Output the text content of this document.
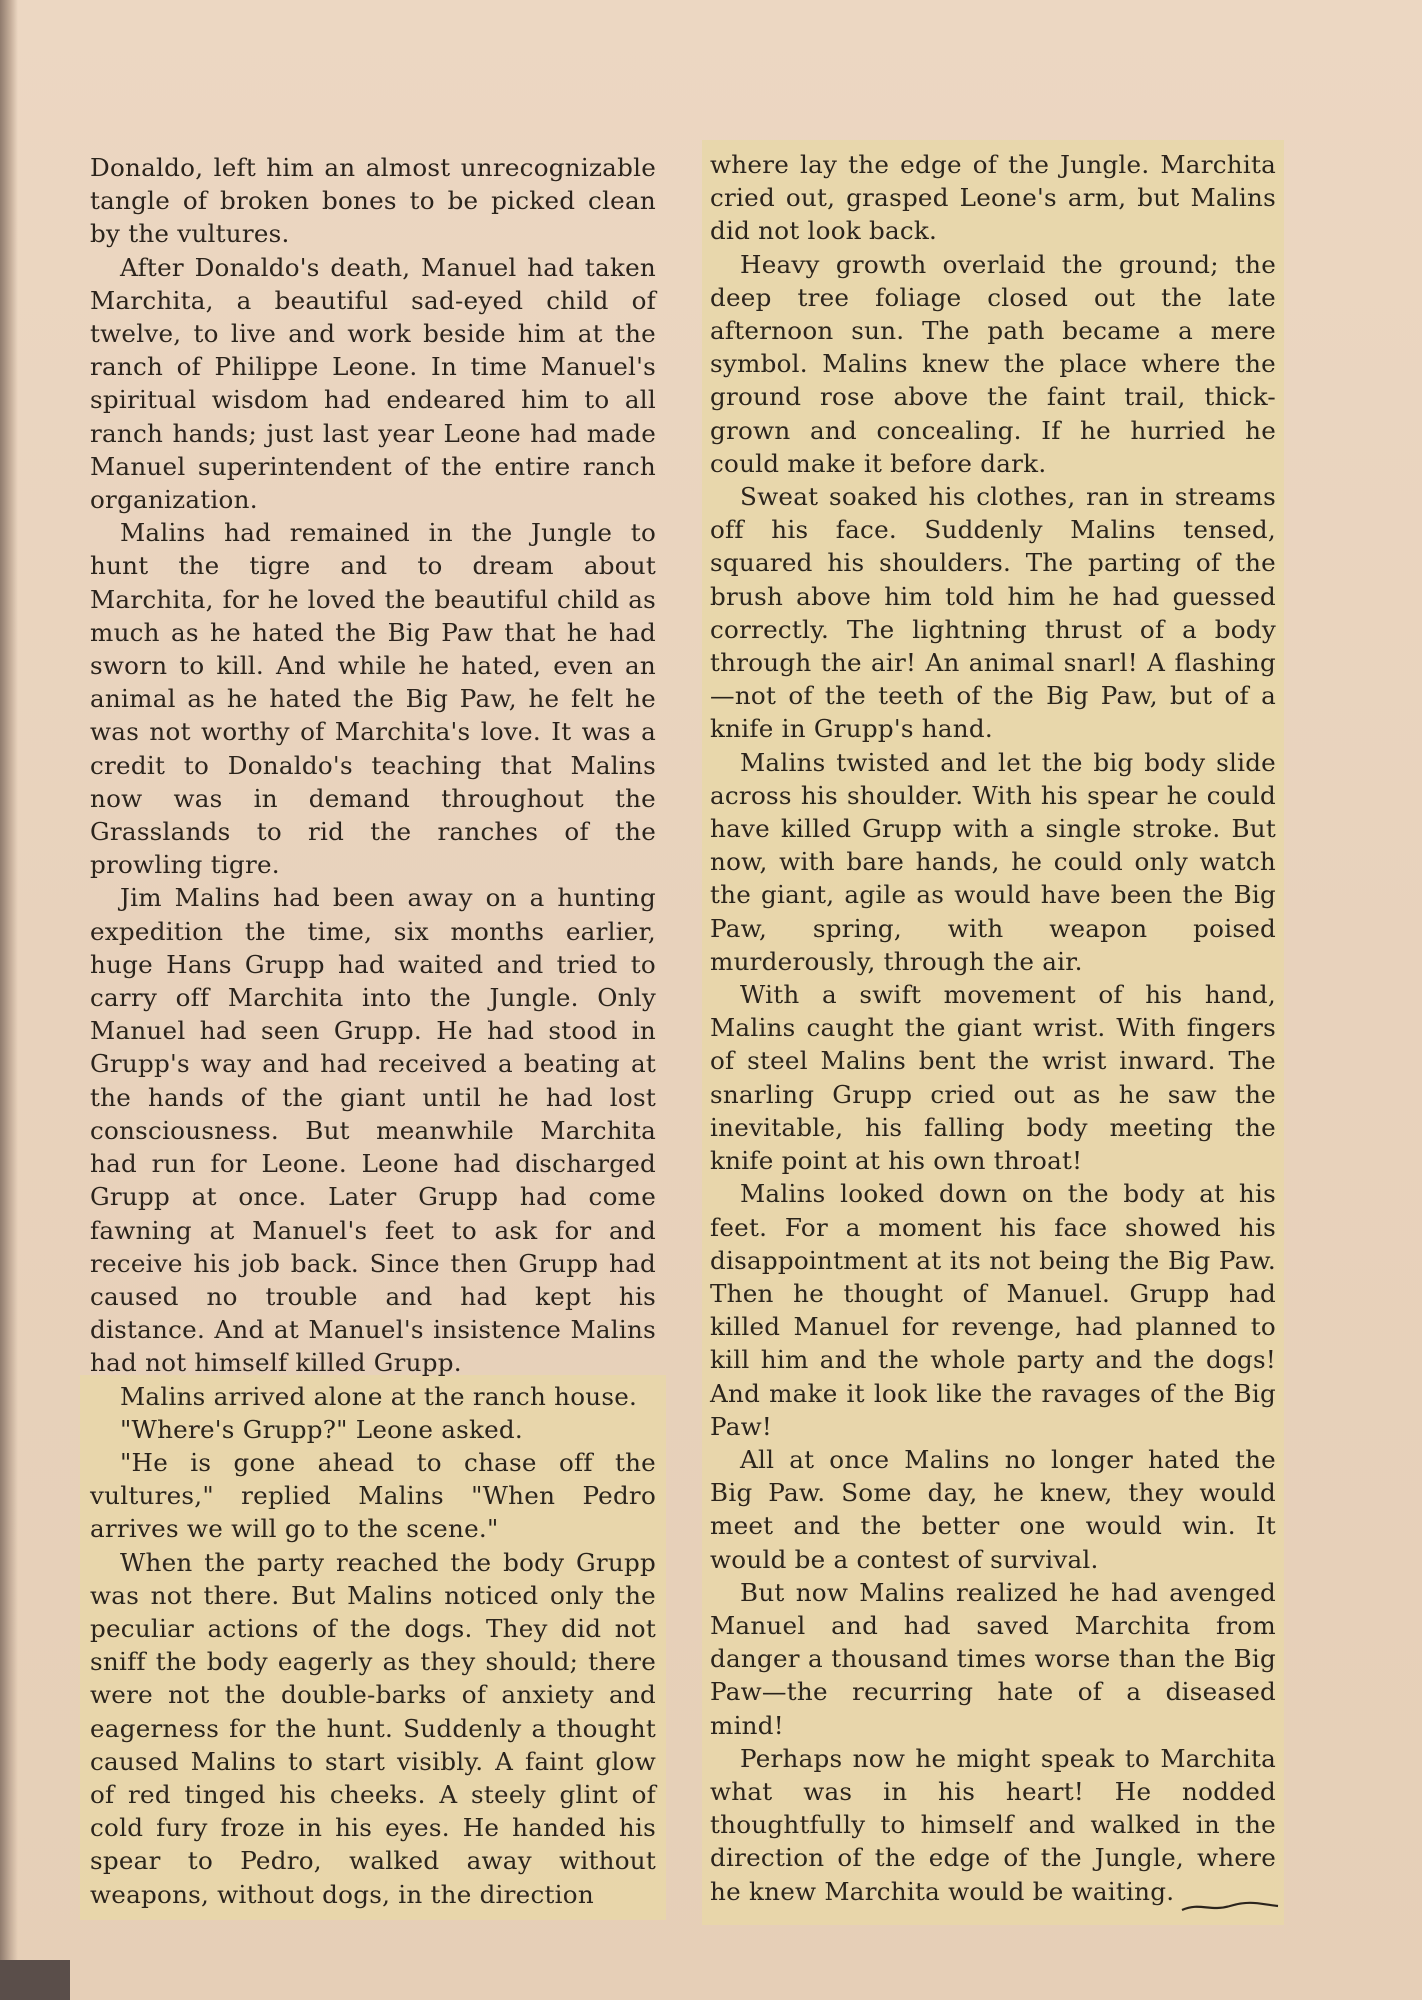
Donaldo, left him an almost unrecognizable tangle of broken bones to be picked clean by the vultures.

After Donaldo's death, Manuel had taken Marchita, a beautiful sad-eyed child of twelve, to live and work beside him at the ranch of Philippe Leone. In time Manuel's spiritual wisdom had endeared him to all ranch hands; just last year Leone had made Manuel superintendent of the entire ranch organization.

Malins had remained in the Jungle to hunt the tigre and to dream about Marchita, for he loved the beautiful child as much as he hated the Big Paw that he had sworn to kill. And while he hated, even an animal as he hated the Big Paw, he felt he was not worthy of Marchita's love. It was a credit to Donaldo's teaching that Malins now was in demand throughout the Grasslands to rid the ranches of the prowling tigre.

Jim Malins had been away on a hunting expedition the time, six months earlier, huge Hans Grupp had waited and tried to carry off Marchita into the Jungle. Only Manuel had seen Grupp. He had stood in Grupp's way and had received a beating at the hands of the giant until he had lost consciousness. But meanwhile Marchita had run for Leone. Leone had discharged Grupp at once. Later Grupp had come fawning at Manuel's feet to ask for and receive his job back. Since then Grupp had caused no trouble and had kept his distance. And at Manuel's insistence Malins had not himself killed Grupp.

Malins arrived alone at the ranch house.

"Where's Grupp?" Leone asked.

"He is gone ahead to chase off the vultures," replied Malins "When Pedro arrives we will go to the scene."

When the party reached the body Grupp was not there. But Malins noticed only the peculiar actions of the dogs. They did not sniff the body eagerly as they should; there were not the double-barks of anxiety and eagerness for the hunt. Suddenly a thought caused Malins to start visibly. A faint glow of red tinged his cheeks. A steely glint of cold fury froze in his eyes. He handed his spear to Pedro, walked away without weapons, without dogs, in the direction

where lay the edge of the Jungle. Marchita cried out, grasped Leone's arm, but Malins did not look back.

Heavy growth overlaid the ground; the deep tree foliage closed out the late afternoon sun. The path became a mere symbol. Malins knew the place where the ground rose above the faint trail, thick-grown and concealing. If he hurried he could make it before dark.

Sweat soaked his clothes, ran in streams off his face. Suddenly Malins tensed, squared his shoulders. The parting of the brush above him told him he had guessed correctly. The lightning thrust of a body through the air! An animal snarl! A flashing—not of the teeth of the Big Paw, but of a knife in Grupp's hand.

Malins twisted and let the big body slide across his shoulder. With his spear he could have killed Grupp with a single stroke. But now, with bare hands, he could only watch the giant, agile as would have been the Big Paw, spring, with weapon poised murderously, through the air.

With a swift movement of his hand, Malins caught the giant wrist. With fingers of steel Malins bent the wrist inward. The snarling Grupp cried out as he saw the inevitable, his falling body meeting the knife point at his own throat!

Malins looked down on the body at his feet. For a moment his face showed his disappointment at its not being the Big Paw. Then he thought of Manuel. Grupp had killed Manuel for revenge, had planned to kill him and the whole party and the dogs! And make it look like the ravages of the Big Paw!

All at once Malins no longer hated the Big Paw. Some day, he knew, they would meet and the better one would win. It would be a contest of survival.

But now Malins realized he had avenged Manuel and had saved Marchita from danger a thousand times worse than the Big Paw—the recurring hate of a diseased mind!

Perhaps now he might speak to Marchita what was in his heart! He nodded thoughtfully to himself and walked in the direction of the edge of the Jungle, where he knew Marchita would be waiting.
